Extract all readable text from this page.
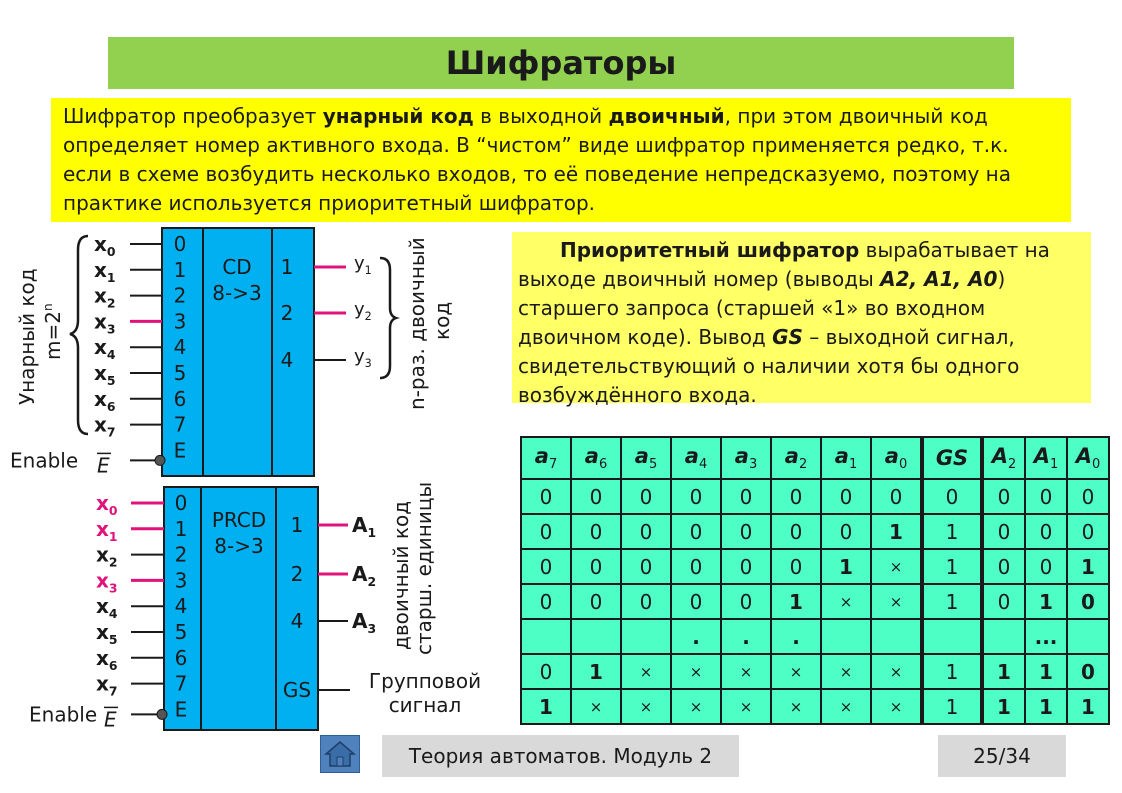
Шифраторы
Шифратор преобразует унарный код в выходной двоичный, при этом двоичный код определяет номер активного входа. В “чистом” виде шифратор применяется редко, т.к. если в схеме возбудить несколько входов, то её поведение непредсказуемо, поэтому на практике используется приоритетный шифратор.
Приоритетный шифратор вырабатывает на выходе двоичный номер (выводы A2, A1, A0) старшего запроса (старшей «1» во входном двоичном коде). Вывод GS – выходной сигнал, свидетельствующий о наличии хотя бы одного возбуждённого входа.
CD
8->3
0
1
2
3
4
5
6
7
E
$x_0$
$x_1$
$x_2$
$x_3$
$x_4$
$x_5$
$x_6$
$x_7$
Enable E
Унарный код $m=2^n$
1
2
4
$y_1$
$y_2$
$y_3$ n-раз. двоичный код
PRCD
8->3
0
1
2
3
4
5
6
7
E
$x_0$
$x_1$
$x_2$
$x_3$
$x_4$
$x_5$
$x_6$
$x_7$
Enable E
1
2
4
GS
$A_1$
$A_2$
$A_3$
Групповой
сигнал
двоичный код старш. единицы
$a_7$	$a_6$	$a_5$	$a_4$	$a_3$	$a_2$	$a_1$	$a_0$	GS	$A_2$	$A_1$	$A_0$
0	0	0	0	0	0	0	0	0	0	0	0
0	0	0	0	0	0	0	1	1	0	0	0
0	0	0	0	0	0	1	×	1	0	0	1
0	0	0	0	0	1	×	×	1	0	1	0
			.	.	.					...	
0	1	×	×	×	×	×	×	1	1	1	0
1	×	×	×	×	×	×	×	1	1	1	1
Теория автоматов. Модуль 2	25/34
